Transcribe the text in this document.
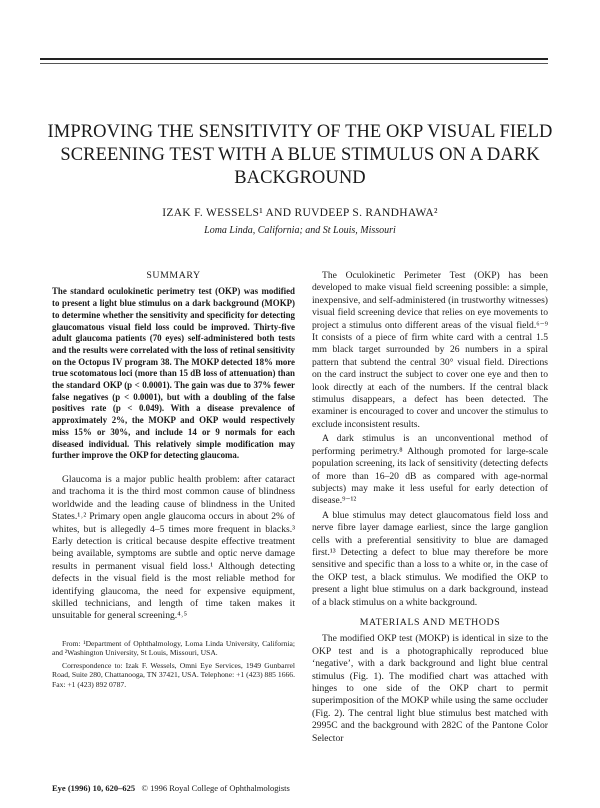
IMPROVING THE SENSITIVITY OF THE OKP VISUAL FIELD SCREENING TEST WITH A BLUE STIMULUS ON A DARK BACKGROUND
IZAK F. WESSELS¹ AND RUVDEEP S. RANDHAWA²
Loma Linda, California; and St Louis, Missouri
SUMMARY

The standard oculokinetic perimetry test (OKP) was modified to present a light blue stimulus on a dark background (MOKP) to determine whether the sensitivity and specificity for detecting glaucomatous visual field loss could be improved. Thirty-five adult glaucoma patients (70 eyes) self-administered both tests and the results were correlated with the loss of retinal sensitivity on the Octopus IV program 38. The MOKP detected 18% more true scotomatous loci (more than 15 dB loss of attenuation) than the standard OKP (p < 0.0001). The gain was due to 37% fewer false negatives (p < 0.0001), but with a doubling of the false positives rate (p < 0.049). With a disease prevalence of approximately 2%, the MOKP and OKP would respectively miss 15% or 30%, and include 14 or 9 normals for each diseased individual. This relatively simple modification may further improve the OKP for detecting glaucoma.

Glaucoma is a major public health problem: after cataract and trachoma it is the third most common cause of blindness worldwide and the leading cause of blindness in the United States.¹˒² Primary open angle glaucoma occurs in about 2% of whites, but is allegedly 4–5 times more frequent in blacks.³ Early detection is critical because despite effective treatment being available, symptoms are subtle and optic nerve damage results in permanent visual field loss.¹ Although detecting defects in the visual field is the most reliable method for identifying glaucoma, the need for expensive equipment, skilled technicians, and length of time taken makes it unsuitable for general screening.⁴˒⁵

From: ¹Department of Ophthalmology, Loma Linda University, California; and ²Washington University, St Louis, Missouri, USA.

Correspondence to: Izak F. Wessels, Omni Eye Services, 1949 Gunbarrel Road, Suite 280, Chattanooga, TN 37421, USA. Telephone: +1 (423) 885 1666. Fax: +1 (423) 892 0787.

The Oculokinetic Perimeter Test (OKP) has been developed to make visual field screening possible: a simple, inexpensive, and self-administered (in trustworthy witnesses) visual field screening device that relies on eye movements to project a stimulus onto different areas of the visual field.⁶⁻⁹ It consists of a piece of firm white card with a central 1.5 mm black target surrounded by 26 numbers in a spiral pattern that subtend the central 30° visual field. Directions on the card instruct the subject to cover one eye and then to look directly at each of the numbers. If the central black stimulus disappears, a defect has been detected. The examiner is encouraged to cover and uncover the stimulus to exclude inconsistent results.

A dark stimulus is an unconventional method of performing perimetry.⁸ Although promoted for large-scale population screening, its lack of sensitivity (detecting defects of more than 16–20 dB as compared with age-normal subjects) may make it less useful for early detection of disease.⁹⁻¹²

A blue stimulus may detect glaucomatous field loss and nerve fibre layer damage earliest, since the large ganglion cells with a preferential sensitivity to blue are damaged first.¹³ Detecting a defect to blue may therefore be more sensitive and specific than a loss to a white or, in the case of the OKP test, a black stimulus. We modified the OKP to present a light blue stimulus on a dark background, instead of a black stimulus on a white background.

MATERIALS AND METHODS

The modified OKP test (MOKP) is identical in size to the OKP test and is a photographically reproduced blue ‘negative’, with a dark background and light blue central stimulus (Fig. 1). The modified chart was attached with hinges to one side of the OKP chart to permit superimposition of the MOKP while using the same occluder (Fig. 2). The central light blue stimulus best matched with 2995C and the background with 282C of the Pantone Color Selector

Eye (1996) 10, 620–625 © 1996 Royal College of Ophthalmologists
